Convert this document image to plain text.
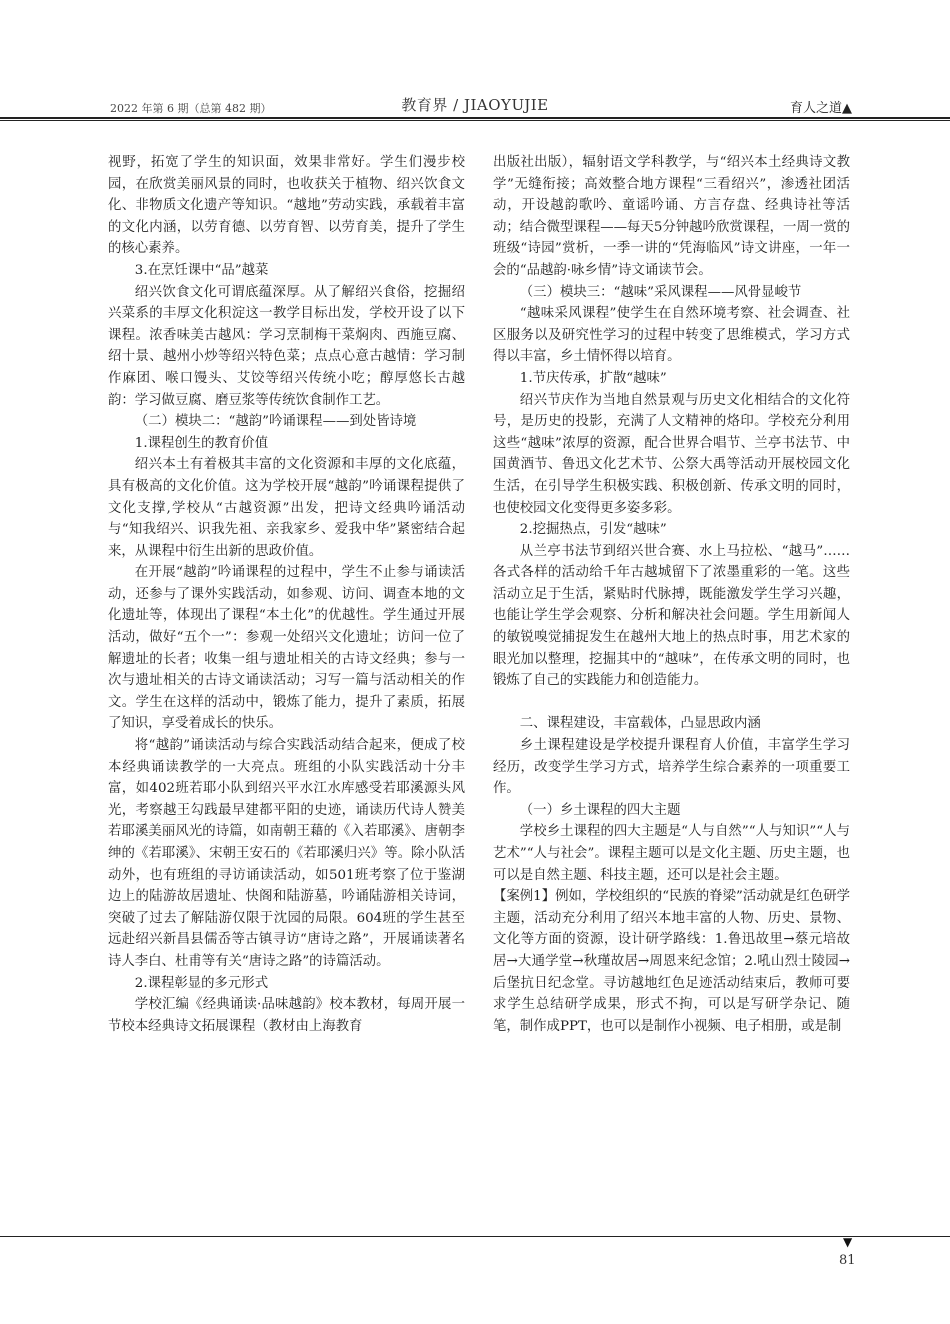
2022 年第 6 期（总第 482 期）	教育界 / JIAOYUJIE	育人之道▲

视野，拓宽了学生的知识面，效果非常好。学生们漫步校园，在欣赏美丽风景的同时，也收获关于植物、绍兴饮食文化、非物质文化遗产等知识。“越地”劳动实践，承载着丰富的文化内涵，以劳育德、以劳育智、以劳育美，提升了学生的核心素养。

3.在烹饪课中“品”越菜

绍兴饮食文化可谓底蕴深厚。从了解绍兴食俗，挖掘绍兴菜系的丰厚文化积淀这一教学目标出发，学校开设了以下课程。浓香味美古越风：学习烹制梅干菜焖肉、西施豆腐、绍十景、越州小炒等绍兴特色菜；点点心意古越情：学习制作麻团、喉口馒头、艾饺等绍兴传统小吃；醇厚悠长古越韵：学习做豆腐、磨豆浆等传统饮食制作工艺。

（二）模块二：“越韵”吟诵课程——到处皆诗境

1.课程创生的教育价值

绍兴本土有着极其丰富的文化资源和丰厚的文化底蕴，具有极高的文化价值。这为学校开展“越韵”吟诵课程提供了文化支撑,学校从“古越资源”出发，把诗文经典吟诵活动与“知我绍兴、识我先祖、亲我家乡、爱我中华”紧密结合起来，从课程中衍生出新的思政价值。

在开展“越韵”吟诵课程的过程中，学生不止参与诵读活动，还参与了课外实践活动，如参观、访问、调查本地的文化遗址等，体现出了课程“本土化”的优越性。学生通过开展活动，做好“五个一”：参观一处绍兴文化遗址；访问一位了解遗址的长者；收集一组与遗址相关的古诗文经典；参与一次与遗址相关的古诗文诵读活动；习写一篇与活动相关的作文。学生在这样的活动中，锻炼了能力，提升了素质，拓展了知识，享受着成长的快乐。

将“越韵”诵读活动与综合实践活动结合起来，便成了校本经典诵读教学的一大亮点。班组的小队实践活动十分丰富，如402班若耶小队到绍兴平水江水库感受若耶溪源头风光，考察越王勾践最早建都平阳的史迹，诵读历代诗人赞美若耶溪美丽风光的诗篇，如南朝王藉的《入若耶溪》、唐朝李绅的《若耶溪》、宋朝王安石的《若耶溪归兴》等。除小队活动外，也有班组的寻访诵读活动，如501班考察了位于鉴湖边上的陆游故居遗址、快阁和陆游墓，吟诵陆游相关诗词，突破了过去了解陆游仅限于沈园的局限。604班的学生甚至远赴绍兴新昌县儒岙等古镇寻访“唐诗之路”，开展诵读著名诗人李白、杜甫等有关“唐诗之路”的诗篇活动。

2.课程彰显的多元形式

学校汇编《经典诵读·品味越韵》校本教材，每周开展一节校本经典诗文拓展课程（教材由上海教育

出版社出版），辐射语文学科教学，与“绍兴本土经典诗文教学”无缝衔接；高效整合地方课程“三看绍兴”，渗透社团活动，开设越韵歌吟、童谣吟诵、方言存盘、经典诗社等活动；结合微型课程——每天5分钟越吟欣赏课程，一周一赏的班级“诗园”赏析，一季一讲的“凭海临风”诗文讲座，一年一会的“品越韵·咏乡情”诗文诵读节会。

（三）模块三：“越味”采风课程——风骨显峻节

“越味采风课程”使学生在自然环境考察、社会调查、社区服务以及研究性学习的过程中转变了思维模式，学习方式得以丰富，乡土情怀得以培育。

1.节庆传承，扩散“越味”

绍兴节庆作为当地自然景观与历史文化相结合的文化符号，是历史的投影，充满了人文精神的烙印。学校充分利用这些“越味”浓厚的资源，配合世界合唱节、兰亭书法节、中国黄酒节、鲁迅文化艺术节、公祭大禹等活动开展校园文化生活，在引导学生积极实践、积极创新、传承文明的同时，也使校园文化变得更多姿多彩。

2.挖掘热点，引发“越味”

从兰亭书法节到绍兴世合赛、水上马拉松、“越马”……各式各样的活动给千年古越城留下了浓墨重彩的一笔。这些活动立足于生活，紧贴时代脉搏，既能激发学生学习兴趣，也能让学生学会观察、分析和解决社会问题。学生用新闻人的敏锐嗅觉捕捉发生在越州大地上的热点时事，用艺术家的眼光加以整理，挖掘其中的“越味”，在传承文明的同时，也锻炼了自己的实践能力和创造能力。

二、课程建设，丰富载体，凸显思政内涵

乡土课程建设是学校提升课程育人价值，丰富学生学习经历，改变学生学习方式，培养学生综合素养的一项重要工作。

（一）乡土课程的四大主题

学校乡土课程的四大主题是“人与自然”“人与知识”“人与艺术”“人与社会”。课程主题可以是文化主题、历史主题，也可以是自然主题、科技主题，还可以是社会主题。

【案例1】例如，学校组织的“民族的脊梁”活动就是红色研学主题，活动充分利用了绍兴本地丰富的人物、历史、景物、文化等方面的资源，设计研学路线：1.鲁迅故里→蔡元培故居→大通学堂→秋瑾故居→周恩来纪念馆；2.吼山烈士陵园→后堡抗日纪念堂。寻访越地红色足迹活动结束后，教师可要求学生总结研学成果，形式不拘，可以是写研学杂记、随笔，制作成PPT，也可以是制作小视频、电子相册，或是制

▼
81
